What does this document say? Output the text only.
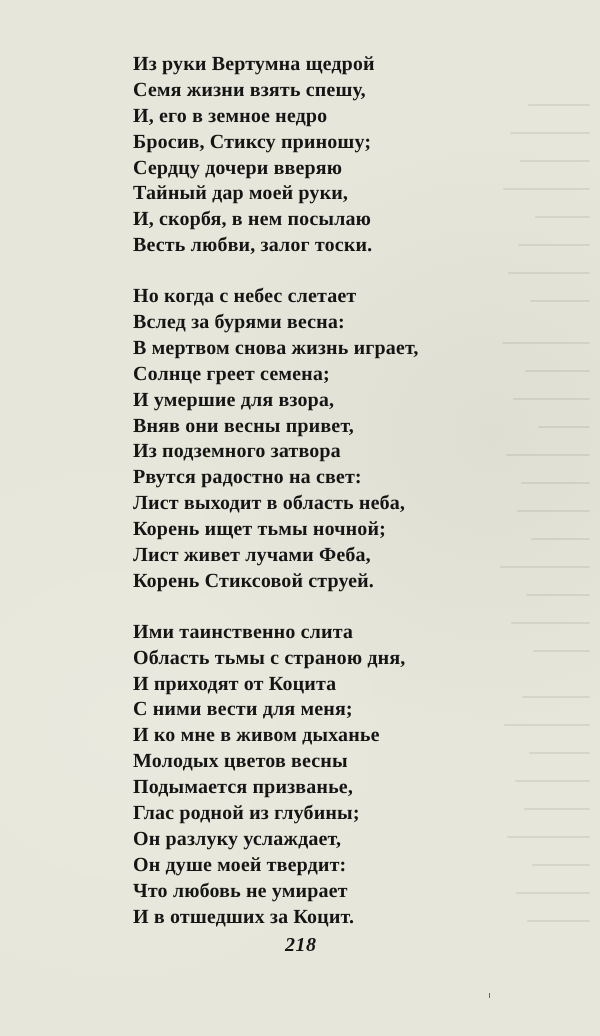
Из руки Вертумна щедрой
Семя жизни взять спешу,
И, его в земное недро
Бросив, Стиксу приношу;
Сердцу дочери вверяю
Тайный дар моей руки,
И, скорбя, в нем посылаю
Весть любви, залог тоски.
Но когда с небес слетает
Вслед за бурями весна:
В мертвом снова жизнь играет,
Солнце греет семена;
И умершие для взора,
Вняв они весны привет,
Из подземного затвора
Рвутся радостно на свет:
Лист выходит в область неба,
Корень ищет тьмы ночной;
Лист живет лучами Феба,
Корень Стиксовой струей.
Ими таинственно слита
Область тьмы с страною дня,
И приходят от Коцита
С ними вести для меня;
И ко мне в живом дыханье
Молодых цветов весны
Подымается призванье,
Глас родной из глубины;
Он разлуку услаждает,
Он душе моей твердит:
Что любовь не умирает
И в отшедших за Коцит.
218
